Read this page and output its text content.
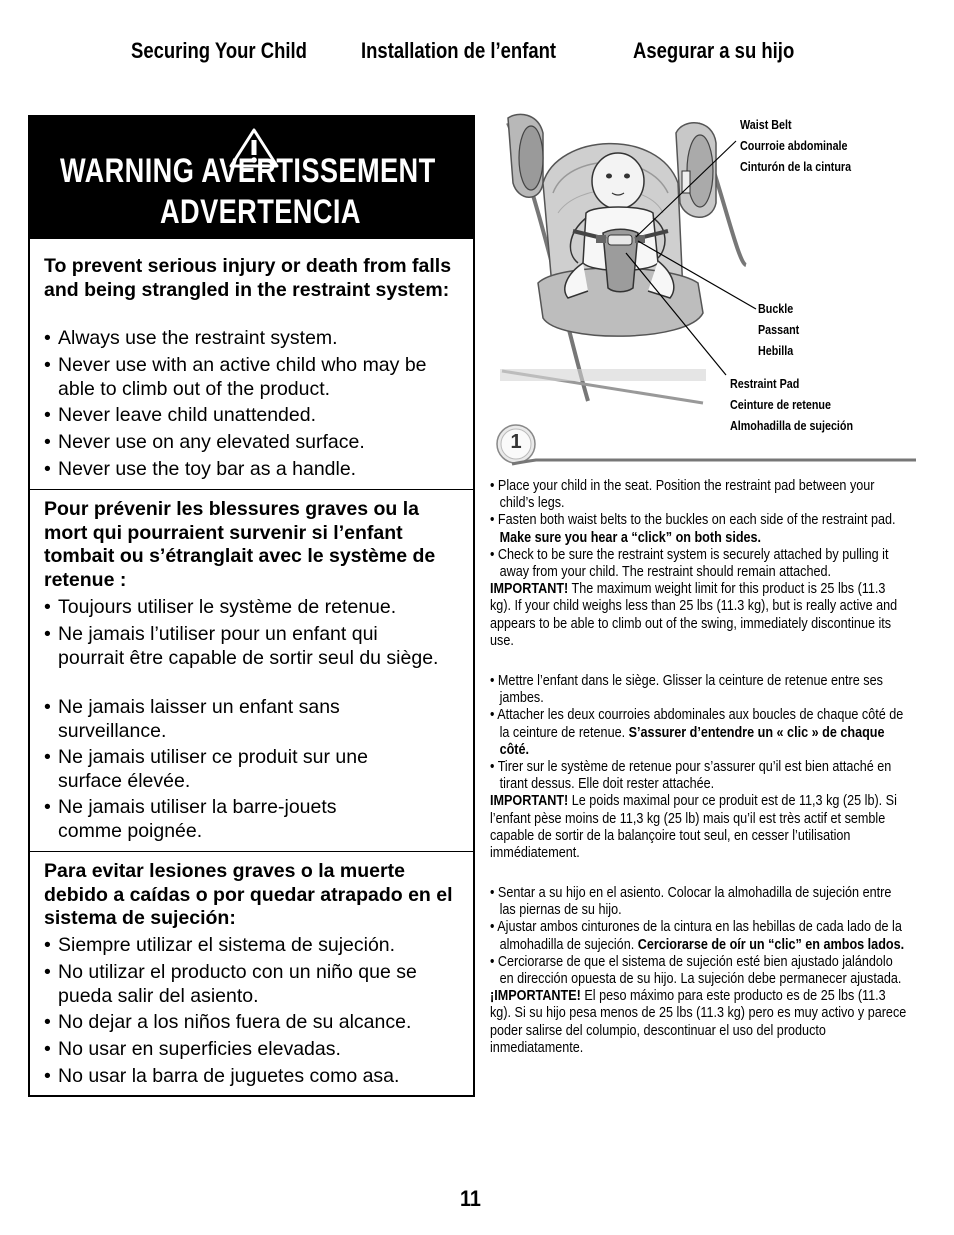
Securing Your Child Installation de l’enfant	Asegurar a su hijo
WARNING AVERTISSEMENT
ADVERTENCIA
To prevent serious injury or death from falls and being strangled in the restraint system:
• Always use the restraint system.
• Never use with an active child who may be able to climb out of the product.
• Never leave child unattended.
• Never use on any elevated surface.
• Never use the toy bar as a handle.
Pour prévenir les blessures graves ou la mort qui pourraient survenir si l’enfant tombait ou s’étranglait avec le système de retenue :
• Toujours utiliser le système de retenue.
• Ne jamais l’utiliser pour un enfant qui pourrait être capable de sortir seul du siège.
• Ne jamais laisser un enfant sans surveillance.
• Ne jamais utiliser ce produit sur une surface élevée.
• Ne jamais utiliser la barre-jouets comme poignée.
Para evitar lesiones graves o la muerte debido a caídas o por quedar atrapado en el sistema de sujeción:
• Siempre utilizar el sistema de sujeción.
• No utilizar el producto con un niño que se pueda salir del asiento.
• No dejar a los niños fuera de su alcance.
• No usar en superficies elevadas.
• No usar la barra de juguetes como asa.
Waist Belt
Courroie abdominale
Cinturón de la cintura
Buckle
Passant
Hebilla
Restraint Pad
Ceinture de retenue
Almohadilla de sujeción
1

• Place your child in the seat. Position the restraint pad between your child’s legs.

• Fasten both waist belts to the buckles on each side of the restraint pad. Make sure you hear a “click” on both sides.

• Check to be sure the restraint system is securely attached by pulling it away from your child. The restraint should remain attached.

IMPORTANT! The maximum weight limit for this product is 25 lbs (11.3 kg). If your child weighs less than 25 lbs (11.3 kg), but is really active and appears to be able to climb out of the swing, immediately discontinue its use.

• Mettre l’enfant dans le siège. Glisser la ceinture de retenue entre ses jambes.

• Attacher les deux courroies abdominales aux boucles de chaque côté de la ceinture de retenue. S’assurer d’entendre un « clic » de chaque côté.

• Tirer sur le système de retenue pour s’assurer qu’il est bien attaché en tirant dessus. Elle doit rester attachée.

IMPORTANT! Le poids maximal pour ce produit est de 11,3 kg (25 lb). Si l’enfant pèse moins de 11,3 kg (25 lb) mais qu’il est très actif et semble capable de sortir de la balançoire tout seul, en cesser l’utilisation immédiatement.

• Sentar a su hijo en el asiento. Colocar la almohadilla de sujeción entre las piernas de su hijo.

• Ajustar ambos cinturones de la cintura en las hebillas de cada lado de la almohadilla de sujeción. Cerciorarse de oír un “clic” en ambos lados.

• Cerciorarse de que el sistema de sujeción esté bien ajustado jalándolo en dirección opuesta de su hijo. La sujeción debe permanecer ajustada.

¡IMPORTANTE! El peso máximo para este producto es de 25 lbs (11.3 kg). Si su hijo pesa menos de 25 lbs (11.3 kg) pero es muy activo y parece poder salirse del columpio, descontinuar el uso del producto inmediatamente.

11
